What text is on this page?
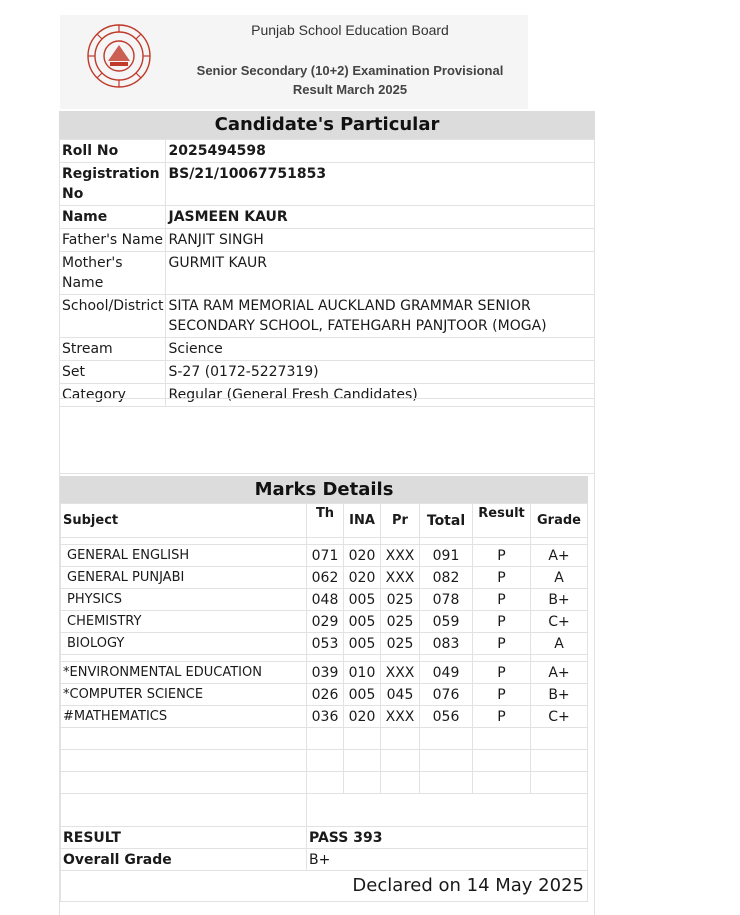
Punjab School Education Board
Senior Secondary (10+2) Examination Provisional
Result March 2025
Candidate's Particular
Roll No	2025494598
Registration No	BS/21/10067751853
Name	JASMEEN KAUR
Father's Name	RANJIT SINGH
Mother's Name	GURMIT KAUR
School/District	SITA RAM MEMORIAL AUCKLAND GRAMMAR SENIOR SECONDARY SCHOOL, FATEHGARH PANJTOOR (MOGA)
Stream	Science
Set	S-27 (0172-5227319)
Category	Regular (General Fresh Candidates)
Marks Details
Subject	Th	INA	Pr	Total	Result	Grade

GENERAL ENGLISH	071	020	XXX	091	P	A+
GENERAL PUNJABI	062	020	XXX	082	P	A
PHYSICS	048	005	025	078	P	B+
CHEMISTRY	029	005	025	059	P	C+
BIOLOGY	053	005	025	083	P	A

*ENVIRONMENTAL EDUCATION	039	010	XXX	049	P	A+
*COMPUTER SCIENCE	026	005	045	076	P	B+
#MATHEMATICS	036	020	XXX	056	P	C+

RESULT	PASS 393					
Overall Grade	B+					
Declared on 14 May 2025
